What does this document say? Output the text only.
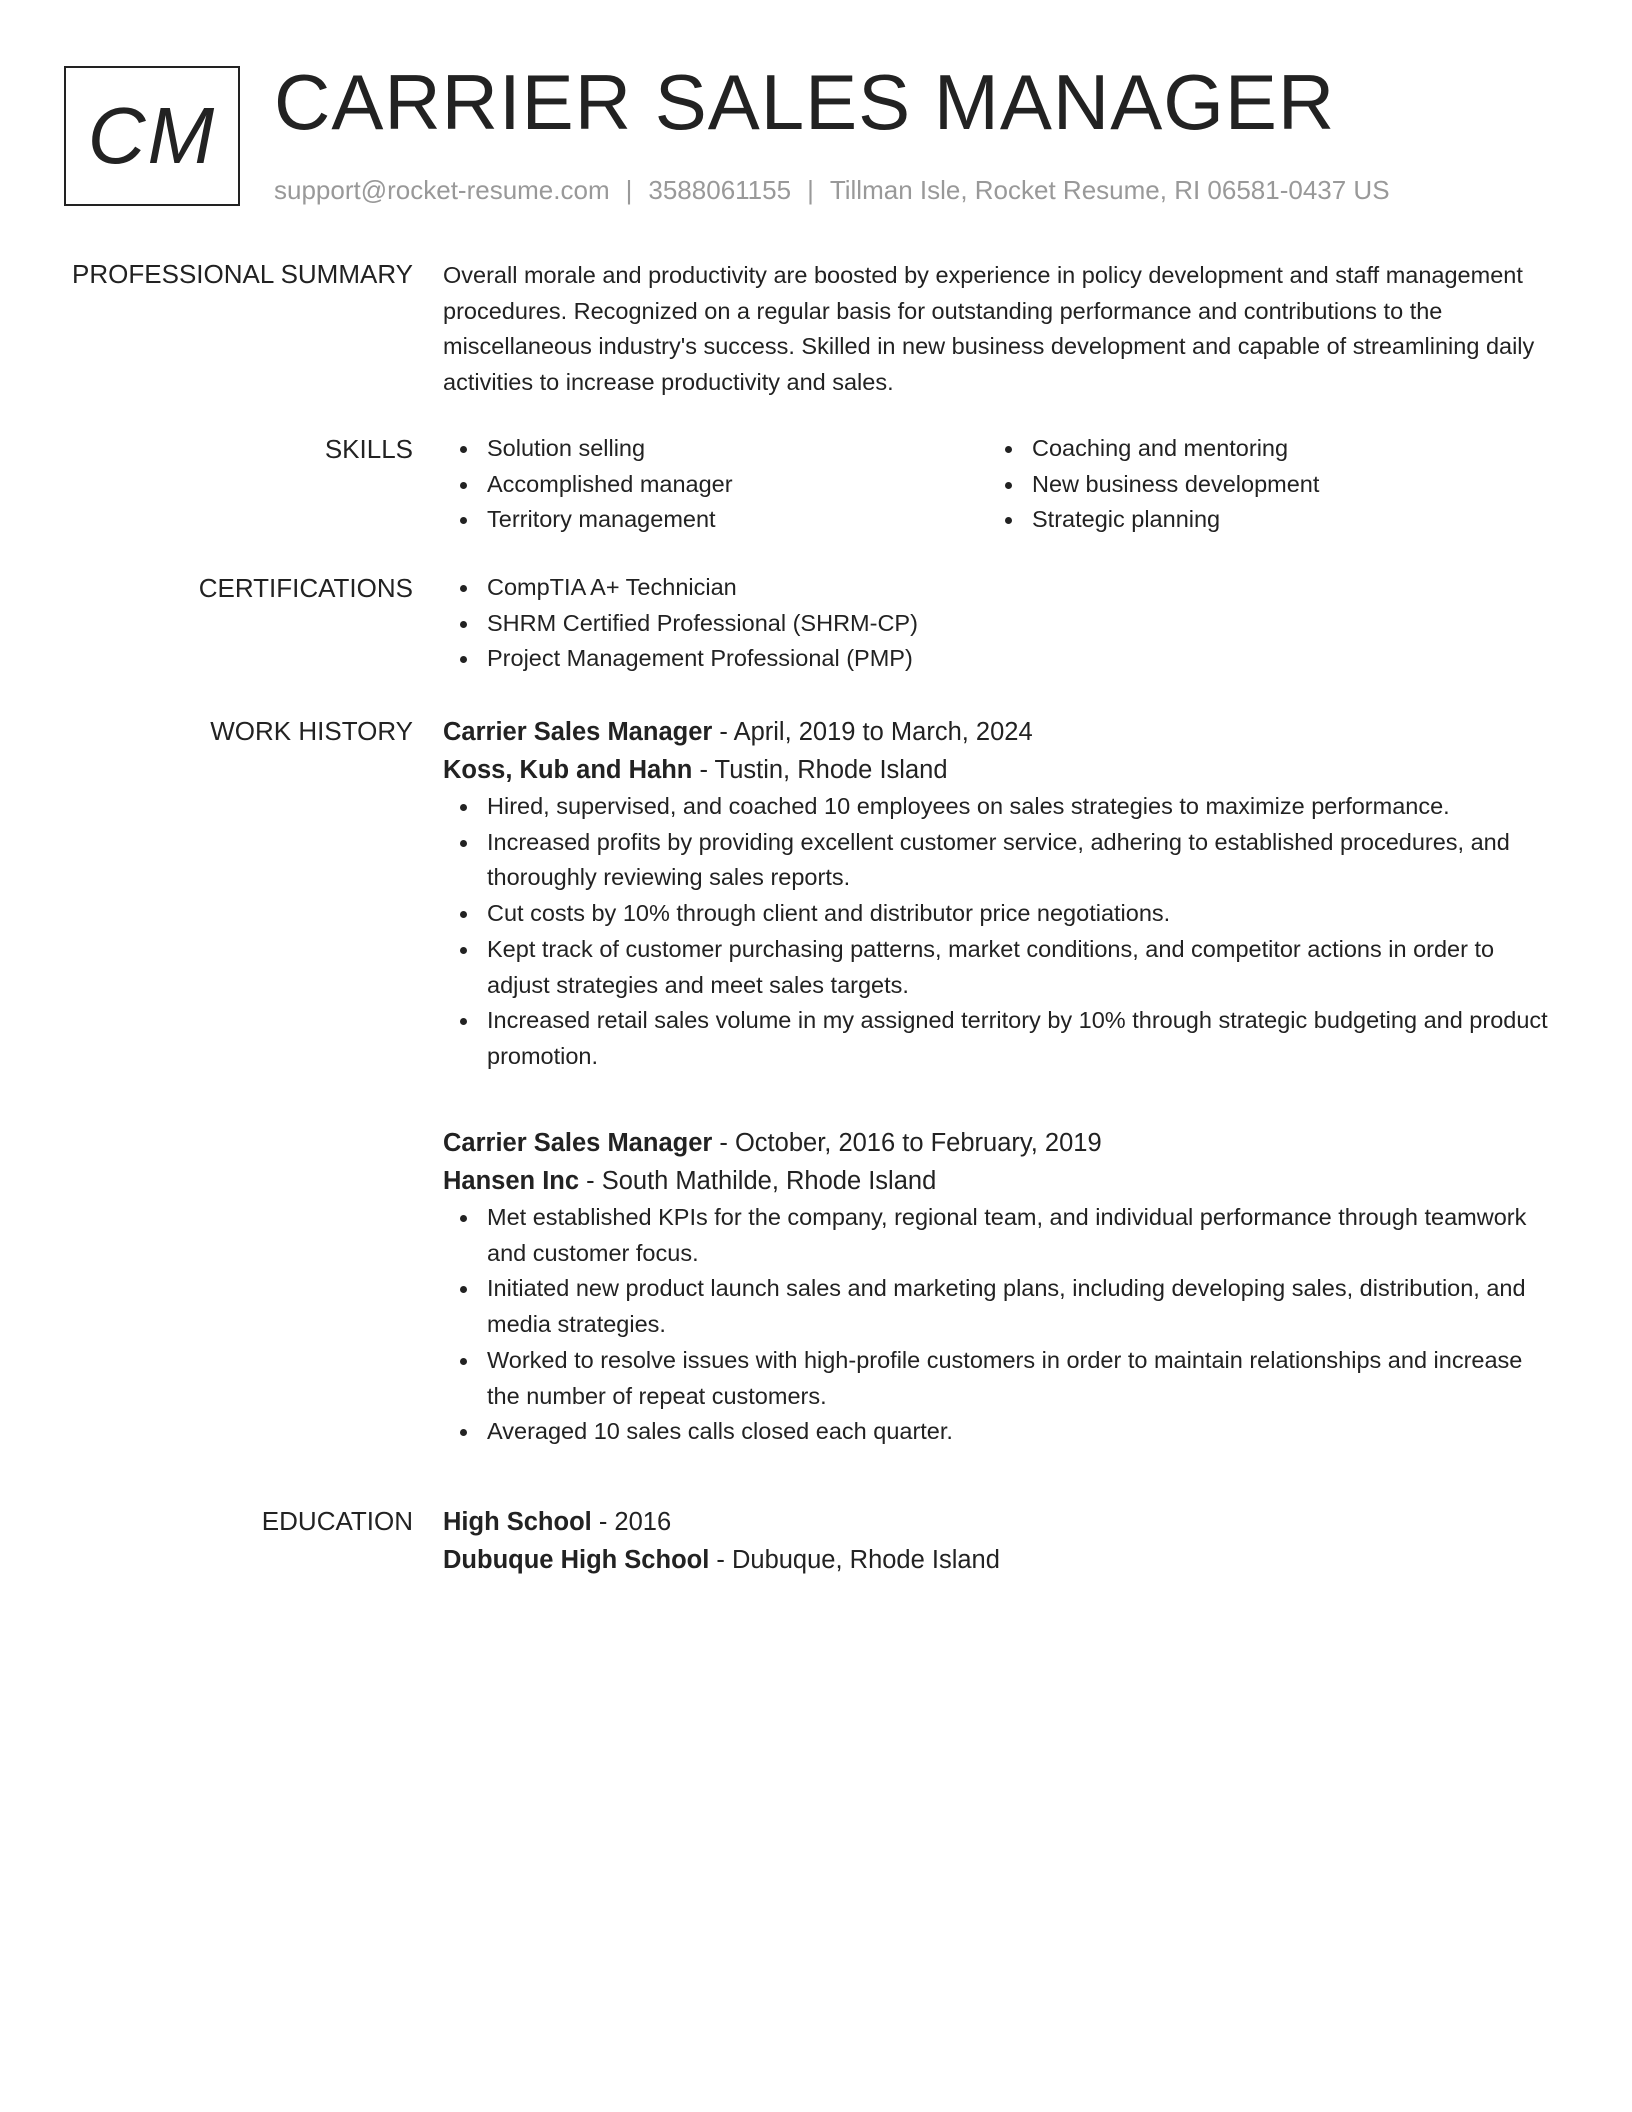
CM CARRIER SALES MANAGER
support@rocket-resume.com | 3588061155 | Tillman Isle, Rocket Resume, RI 06581-0437 US
PROFESSIONAL SUMMARY Overall morale and productivity are boosted by experience in policy development and staff management procedures. Recognized on a regular basis for outstanding performance and contributions to the miscellaneous industry's success. Skilled in new business development and capable of streamlining daily activities to increase productivity and sales.

SKILLS	Solution selling
Accomplished manager
Territory management
Coaching and mentoring
New business development
Strategic planning
CERTIFICATIONS	CompTIA A+ Technician
SHRM Certified Professional (SHRM-CP)
Project Management Professional (PMP)
WORK HISTORY Carrier Sales Manager - April, 2019 to March, 2024
Koss, Kub and Hahn - Tustin, Rhode Island
Hired, supervised, and coached 10 employees on sales strategies to maximize performance.
Increased profits by providing excellent customer service, adhering to established procedures, and thoroughly reviewing sales reports.
Cut costs by 10% through client and distributor price negotiations.
Kept track of customer purchasing patterns, market conditions, and competitor actions in order to adjust strategies and meet sales targets.
Increased retail sales volume in my assigned territory by 10% through strategic budgeting and product promotion.
Carrier Sales Manager - October, 2016 to February, 2019
Hansen Inc - South Mathilde, Rhode Island
Met established KPIs for the company, regional team, and individual performance through teamwork and customer focus.
Initiated new product launch sales and marketing plans, including developing sales, distribution, and media strategies.
Worked to resolve issues with high-profile customers in order to maintain relationships and increase the number of repeat customers.
Averaged 10 sales calls closed each quarter.
EDUCATION High School - 2016
Dubuque High School - Dubuque, Rhode Island
